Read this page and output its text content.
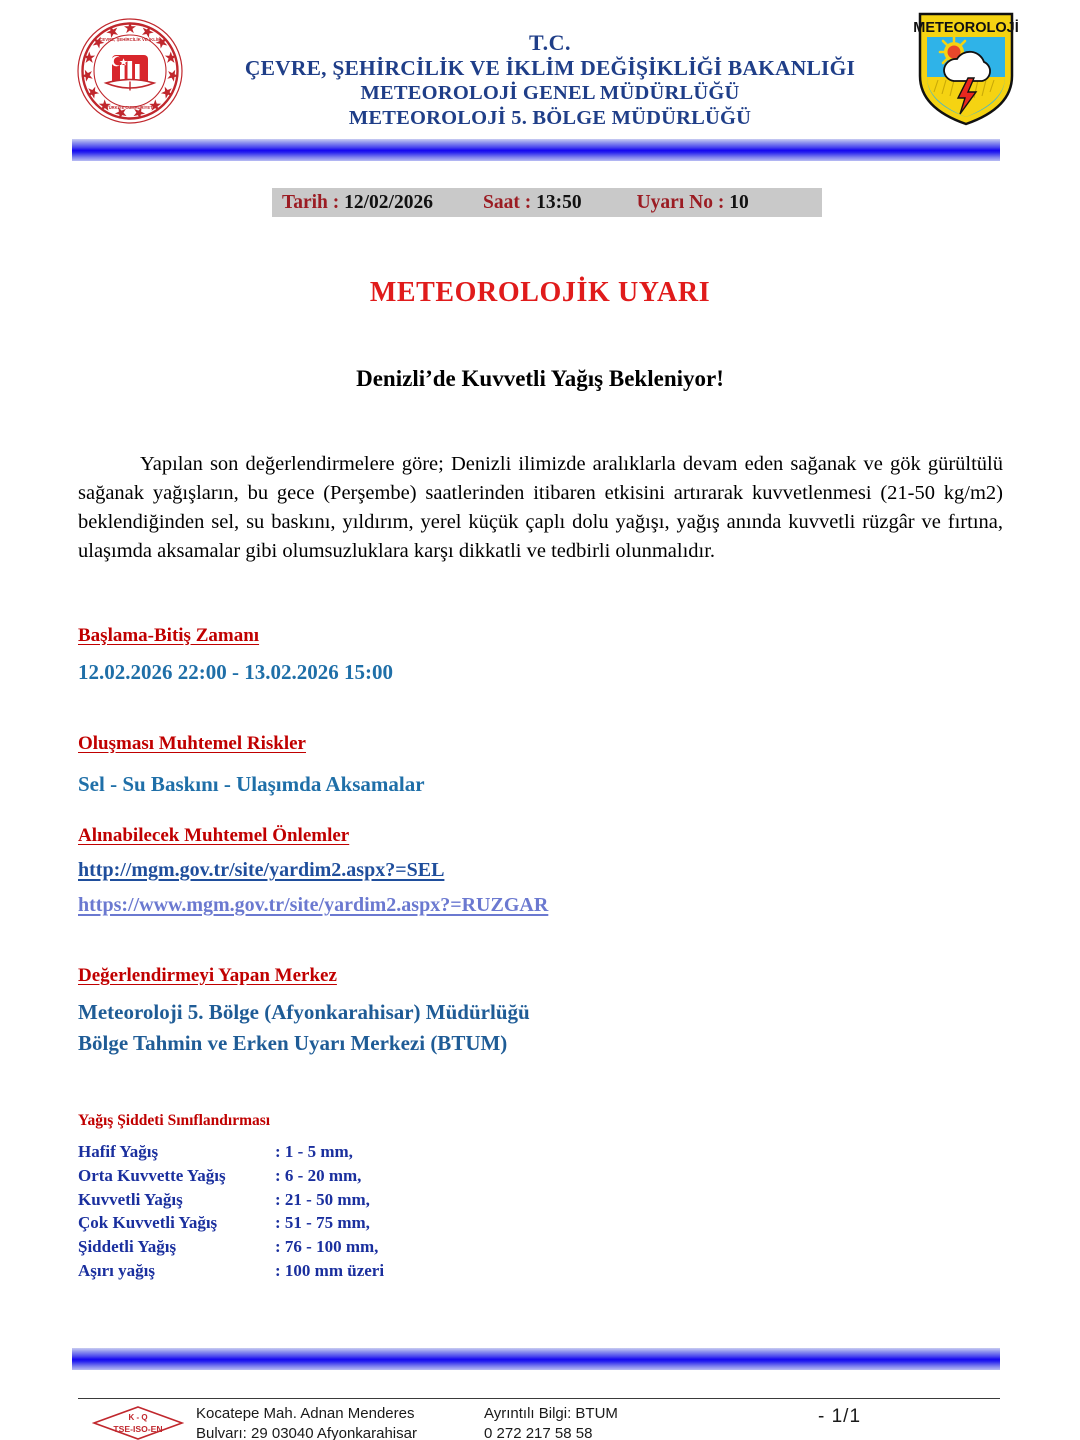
ÇEVRE, ŞEHİRCİLİK VE İKLİM
TÜRKİYE CUMHURİYETİ
T.C.
ÇEVRE, ŞEHİRCİLİK VE İKLİM DEĞİŞİKLİĞİ BAKANLIĞI
METEOROLOJİ GENEL MÜDÜRLÜĞÜ
METEOROLOJİ 5. BÖLGE MÜDÜRLÜĞÜ
METEOROLOJİ
Tarih : 12/02/2026	Saat : 13:50	Uyarı No : 10
METEOROLOJİK UYARI
Denizli’de Kuvvetli Yağış Bekleniyor!
Yapılan son değerlendirmelere göre; Denizli ilimizde aralıklarla devam eden sağanak ve gök gürültülü sağanak yağışların, bu gece (Perşembe) saatlerinden itibaren etkisini artırarak kuvvetlenmesi (21-50 kg/m2) beklendiğinden sel, su baskını, yıldırım, yerel küçük çaplı dolu yağışı, yağış anında kuvvetli rüzgâr ve fırtına, ulaşımda aksamalar gibi olumsuzluklara karşı dikkatli ve tedbirli olunmalıdır.
Başlama-Bitiş Zamanı
12.02.2026 22:00 - 13.02.2026 15:00
Oluşması Muhtemel Riskler
Sel - Su Baskını - Ulaşımda Aksamalar
Alınabilecek Muhtemel Önlemler
http://mgm.gov.tr/site/yardim2.aspx?=SEL
https://www.mgm.gov.tr/site/yardim2.aspx?=RUZGAR
Değerlendirmeyi Yapan Merkez
Meteoroloji 5. Bölge (Afyonkarahisar) Müdürlüğü
Bölge Tahmin ve Erken Uyarı Merkezi (BTUM)
Yağış Şiddeti Sınıflandırması
Hafif Yağış	: 1 - 5 mm,
Orta Kuvvette Yağış	: 6 - 20 mm,
Kuvvetli Yağış	: 21 - 50 mm,
Çok Kuvvetli Yağış	: 51 - 75 mm,
Şiddetli Yağış	: 76 - 100 mm,
Aşırı yağış	: 100 mm üzeri
K - Q
TSE-ISO-EN
Kocatepe Mah. Adnan Menderes
Bulvarı: 29 03040 Afyonkarahisar
Ayrıntılı Bilgi: BTUM
0 272 217 58 58
- 1/1
